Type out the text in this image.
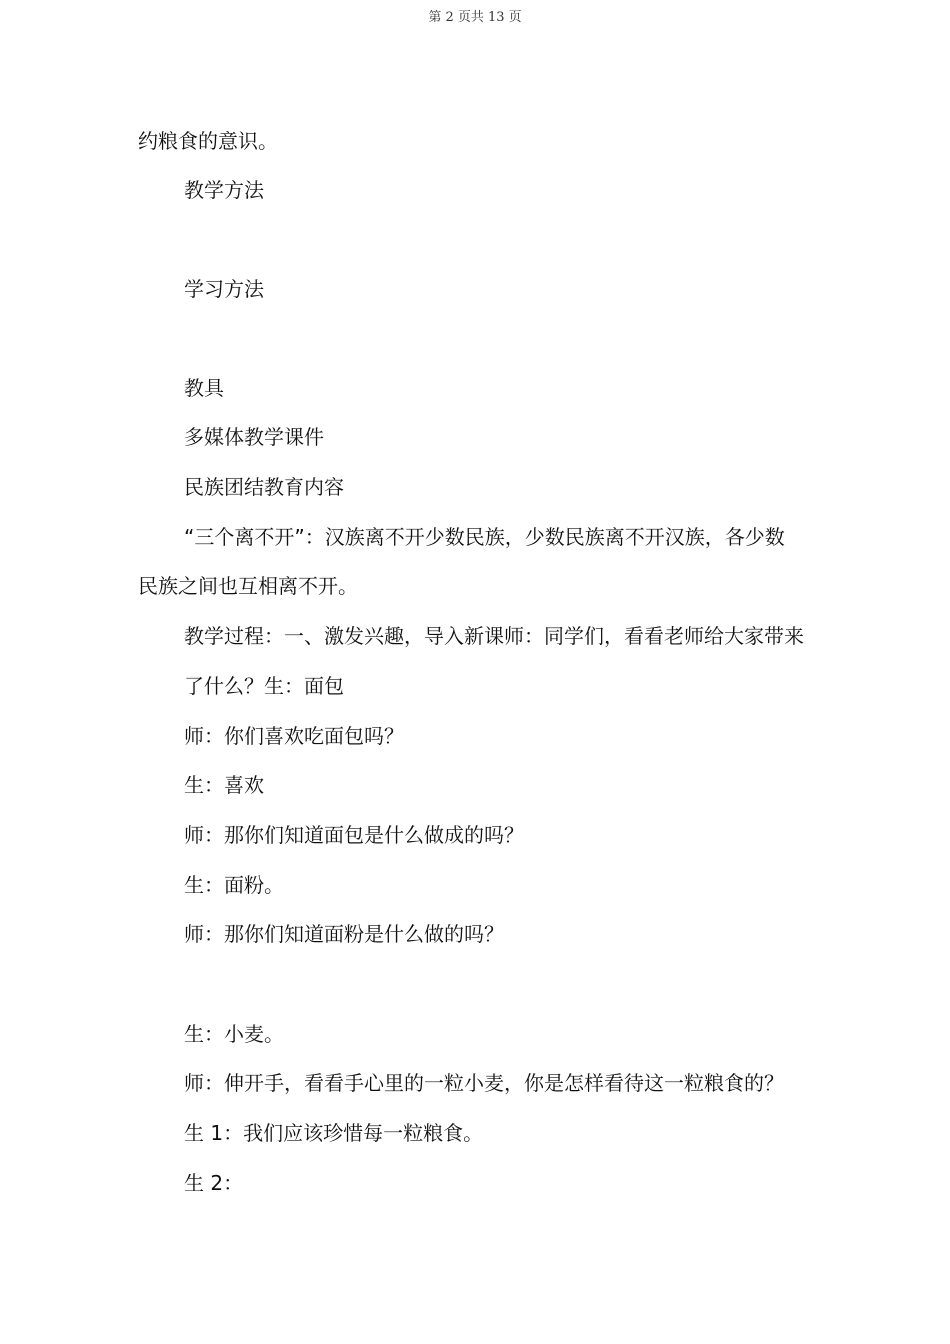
第 2 页共 13 页
约粮食的意识。
教学方法
学习方法
教具
多媒体教学课件
民族团结教育内容
“三个离不开”：汉族离不开少数民族，少数民族离不开汉族，各少数
民族之间也互相离不开。
教学过程：一、激发兴趣，导入新课师：同学们，看看老师给大家带来
了什么？生：面包
师：你们喜欢吃面包吗？
生：喜欢
师：那你们知道面包是什么做成的吗？
生：面粉。
师：那你们知道面粉是什么做的吗？
生：小麦。
师：伸开手，看看手心里的一粒小麦，你是怎样看待这一粒粮食的？
生 1：我们应该珍惜每一粒粮食。
生 2：
